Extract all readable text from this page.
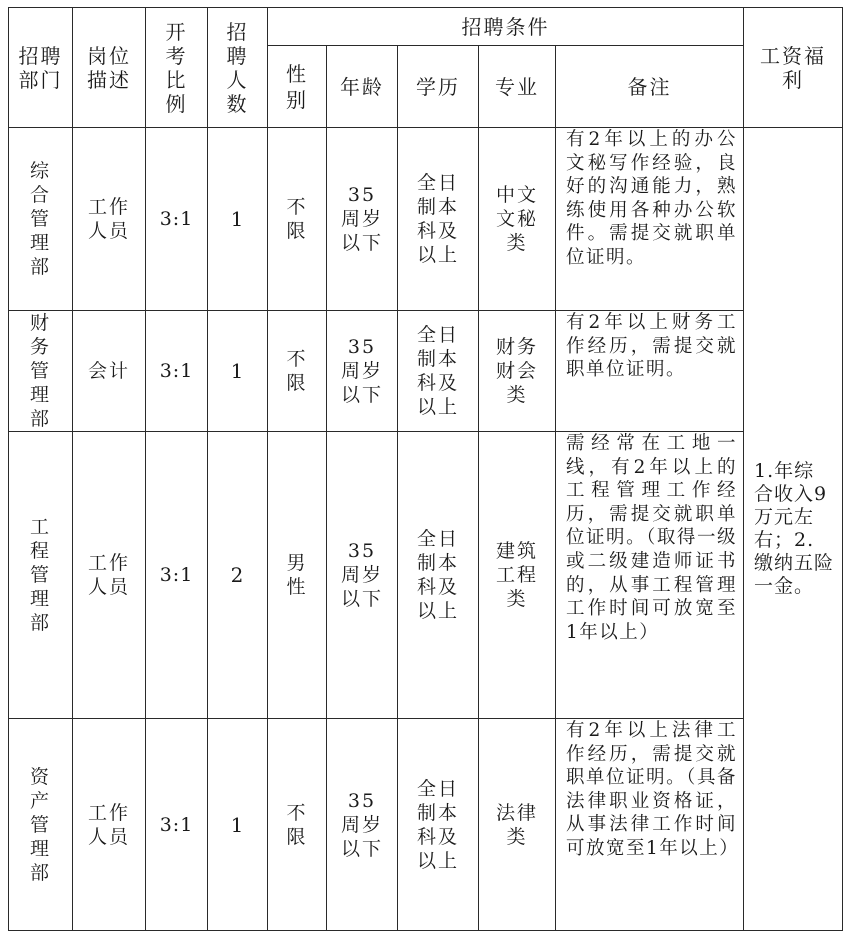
招聘部门	岗位描述	开考比例	招聘人数	招聘条件					工资福利
				性别	年龄	学历	专业	备注	
综合管理部	工作人员	3:1	1	不限	35周岁以下	全日制本科及以上	中文文秘类	有2年以上的办公文秘写作经验，良好的沟通能力，熟练使用各种办公软件。需提交就职单位证明。	1.年综合收入9万元左右；2.缴纳五险一金。
财务管理部	会计	3:1	1	不限	35周岁以下	全日制本科及以上	财务财会类	有2年以上财务工作经历，需提交就职单位证明。	
工程管理部	工作人员	3:1	2	男性	35周岁以下	全日制本科及以上	建筑工程类	需经常在工地一线，有2年以上的工程管理工作经历，需提交就职单位证明。（取得一级或二级建造师证书的，从事工程管理工作时间可放宽至1年以上）	
资产管理部	工作人员	3:1	1	不限	35周岁以下	全日制本科及以上	法律类	有2年以上法律工作经历，需提交就职单位证明。（具备法律职业资格证，从事法律工作时间可放宽至1年以上）	
